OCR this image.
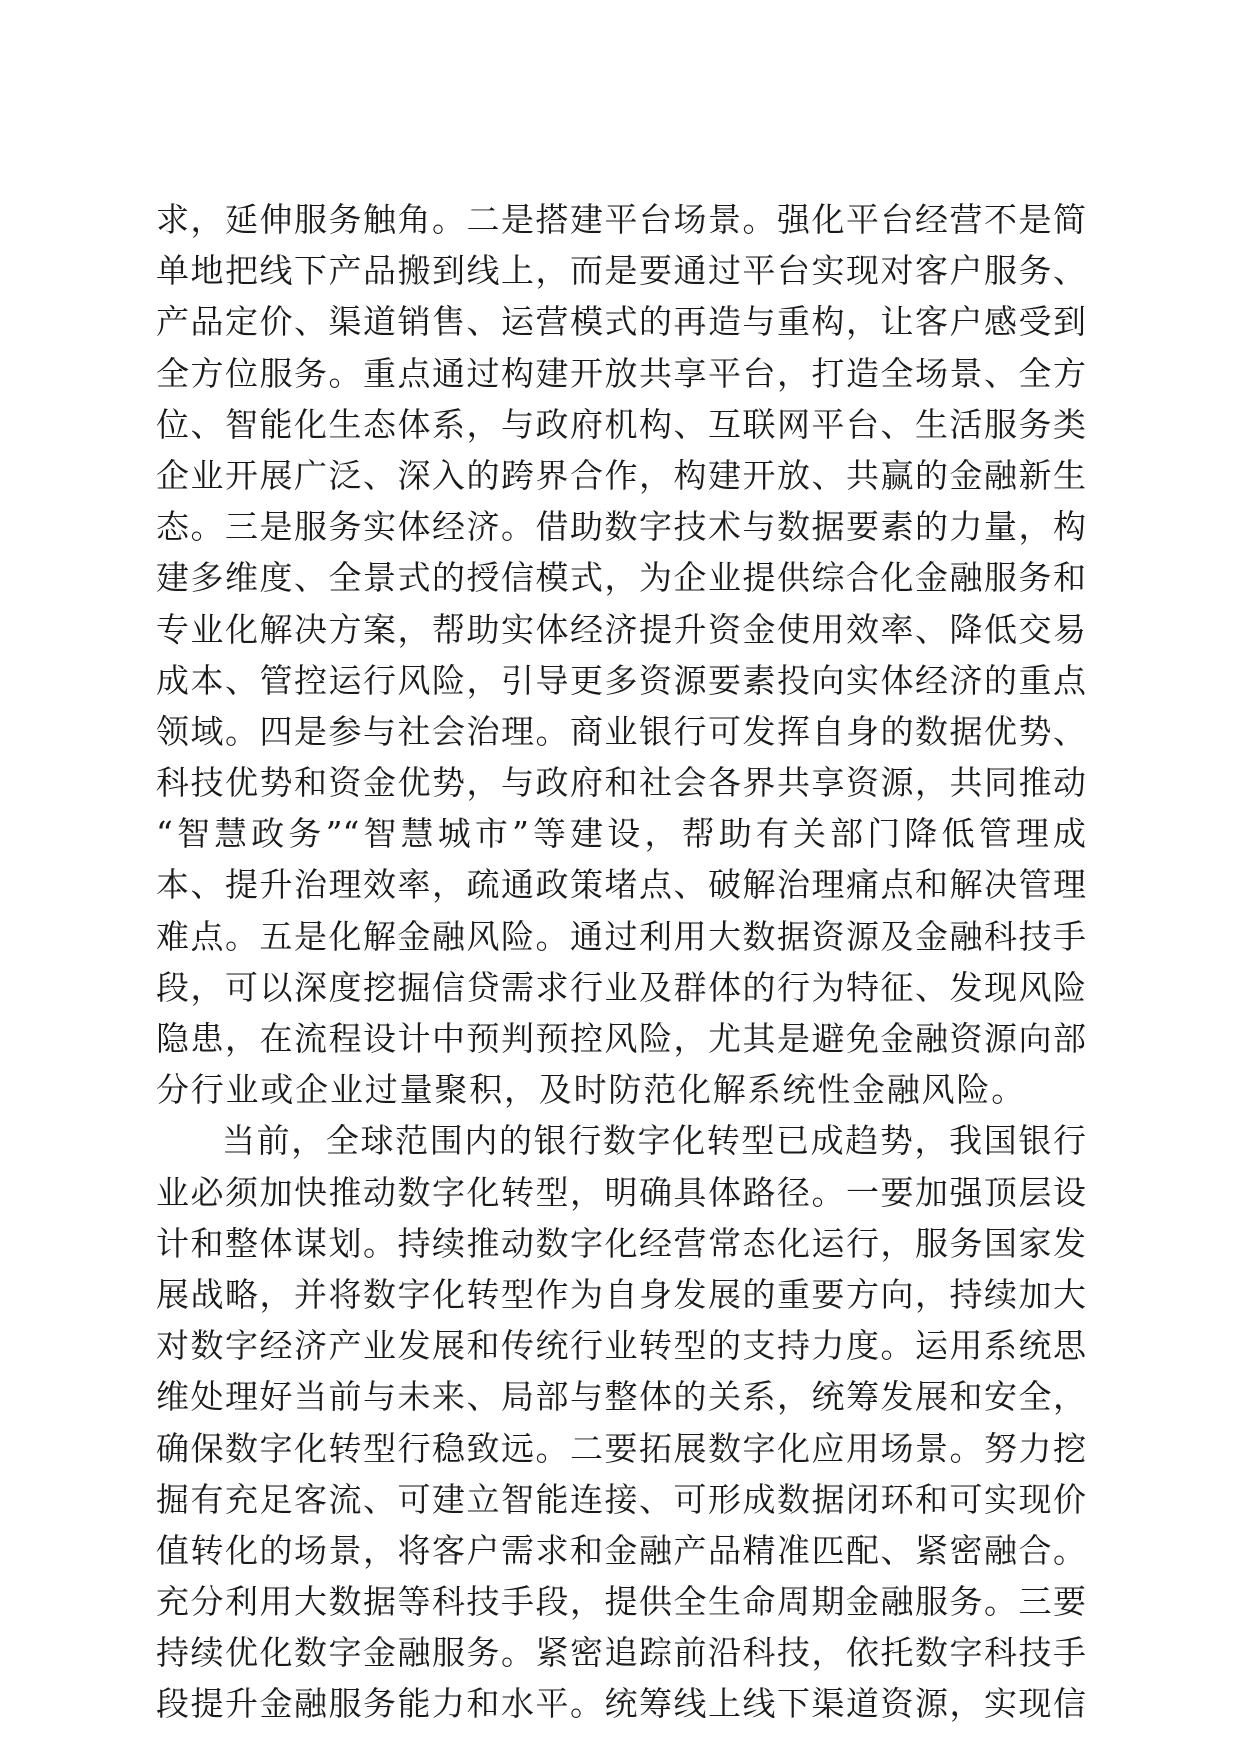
求，延伸服务触角。二是搭建平台场景。强化平台经营不是简
单地把线下产品搬到线上，而是要通过平台实现对客户服务、
产品定价、渠道销售、运营模式的再造与重构，让客户感受到
全方位服务。重点通过构建开放共享平台，打造全场景、全方
位、智能化生态体系，与政府机构、互联网平台、生活服务类
企业开展广泛、深入的跨界合作，构建开放、共赢的金融新生
态。三是服务实体经济。借助数字技术与数据要素的力量，构
建多维度、全景式的授信模式，为企业提供综合化金融服务和
专业化解决方案，帮助实体经济提升资金使用效率、降低交易
成本、管控运行风险，引导更多资源要素投向实体经济的重点
领域。四是参与社会治理。商业银行可发挥自身的数据优势、
科技优势和资金优势，与政府和社会各界共享资源，共同推动
“智慧政务”“智慧城市”等建设，帮助有关部门降低管理成
本、提升治理效率，疏通政策堵点、破解治理痛点和解决管理
难点。五是化解金融风险。通过利用大数据资源及金融科技手
段，可以深度挖掘信贷需求行业及群体的行为特征、发现风险
隐患，在流程设计中预判预控风险，尤其是避免金融资源向部
分行业或企业过量聚积，及时防范化解系统性金融风险。
当前，全球范围内的银行数字化转型已成趋势，我国银行
业必须加快推动数字化转型，明确具体路径。一要加强顶层设
计和整体谋划。持续推动数字化经营常态化运行，服务国家发
展战略，并将数字化转型作为自身发展的重要方向，持续加大
对数字经济产业发展和传统行业转型的支持力度。运用系统思
维处理好当前与未来、局部与整体的关系，统筹发展和安全，
确保数字化转型行稳致远。二要拓展数字化应用场景。努力挖
掘有充足客流、可建立智能连接、可形成数据闭环和可实现价
值转化的场景，将客户需求和金融产品精准匹配、紧密融合。
充分利用大数据等科技手段，提供全生命周期金融服务。三要
持续优化数字金融服务。紧密追踪前沿科技，依托数字科技手
段提升金融服务能力和水平。统筹线上线下渠道资源，实现信
